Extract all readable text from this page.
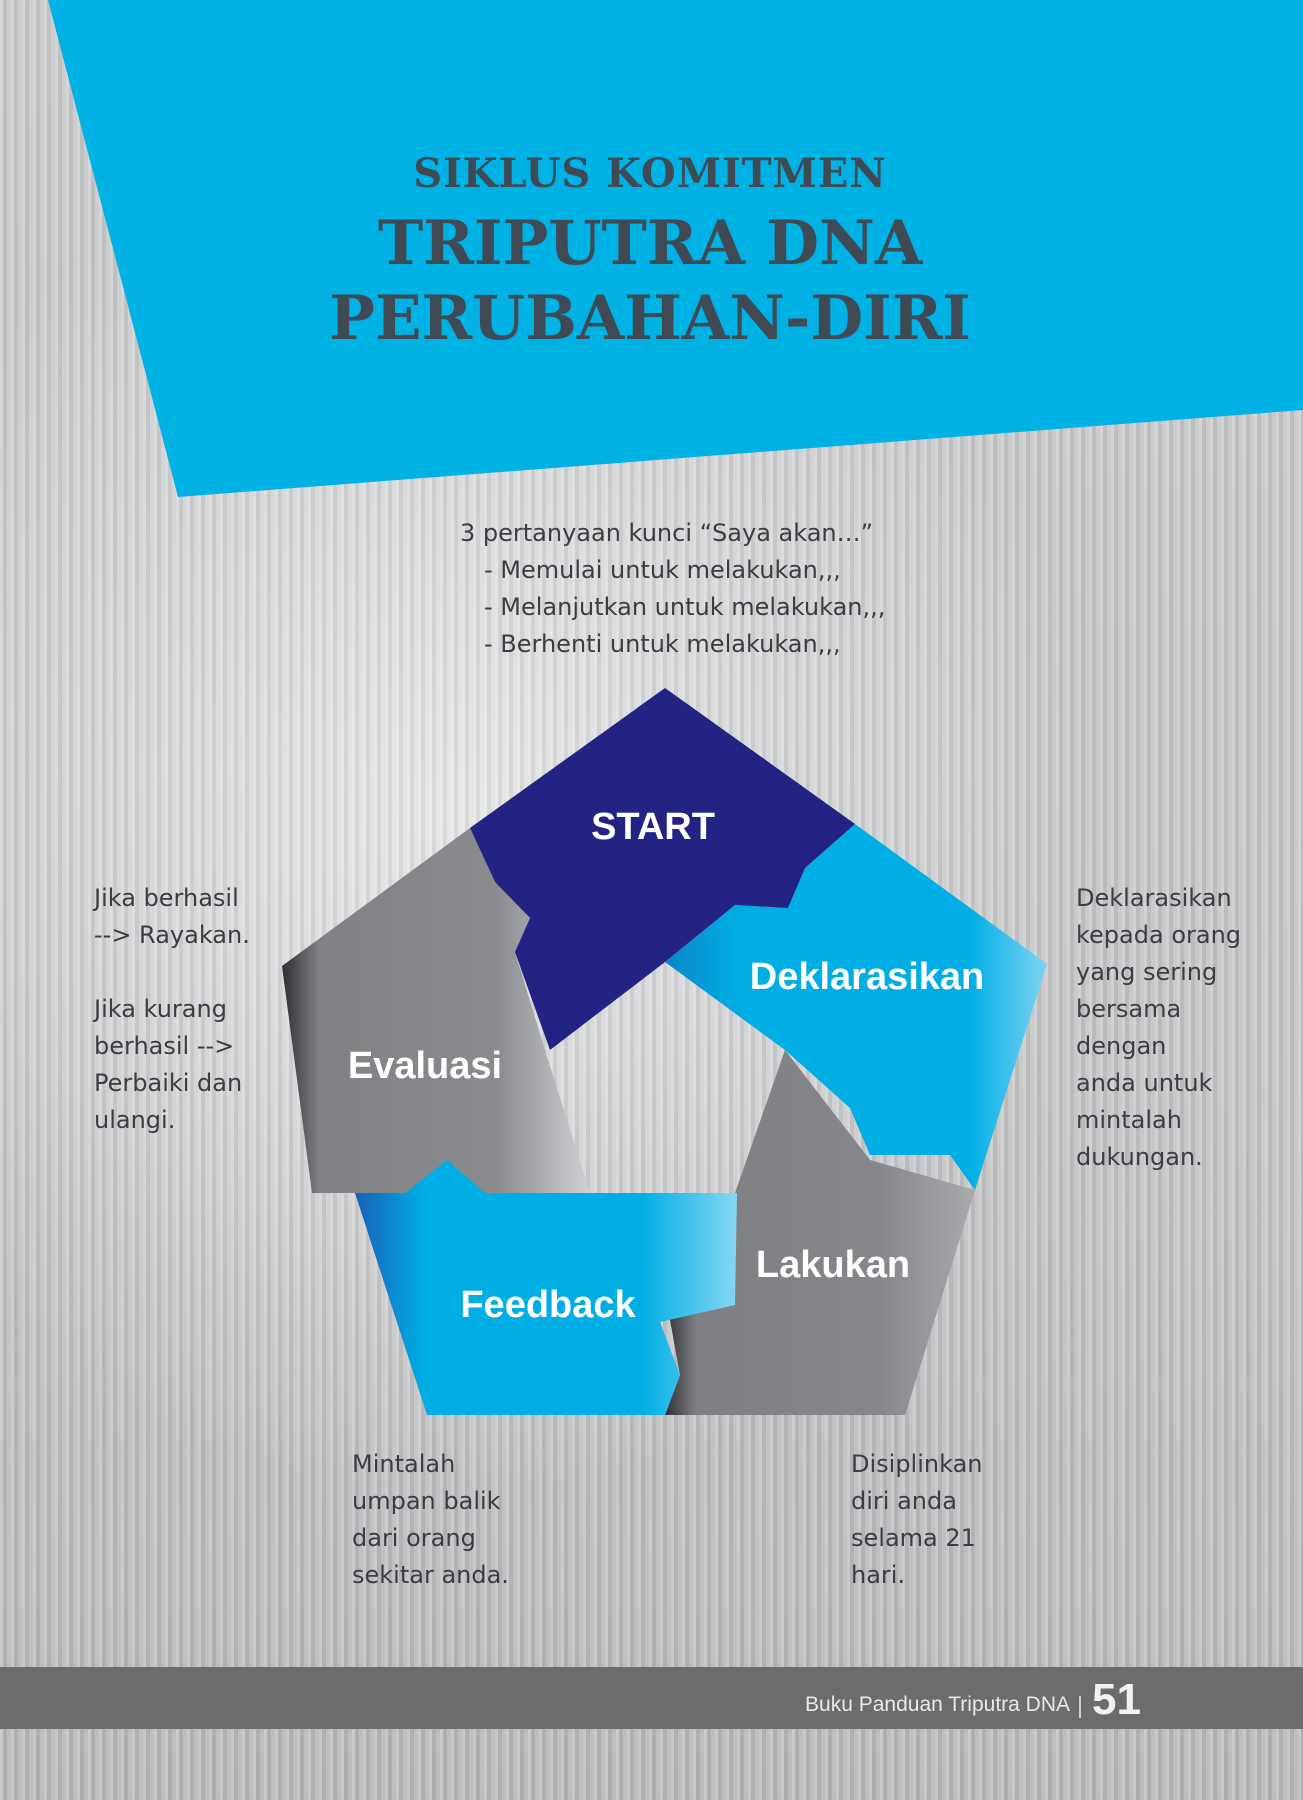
SIKLUS KOMITMEN
TRIPUTRA DNA
PERUBAHAN-DIRI
3 pertanyaan kunci “Saya akan…”
- Memulai untuk melakukan,,,
- Melanjutkan untuk melakukan,,,
- Berhenti untuk melakukan,,,
START
Deklarasikan
Lakukan
Feedback
Evaluasi
Jika berhasil
--> Rayakan.

Jika kurang
berhasil -->
Perbaiki dan
ulangi.
Deklarasikan
kepada orang
yang sering
bersama
dengan
anda untuk
mintalah
dukungan.
Mintalah
umpan balik
dari orang
sekitar anda.
Disiplinkan
diri anda
selama 21
hari.
Buku Panduan Triputra DNA 51
